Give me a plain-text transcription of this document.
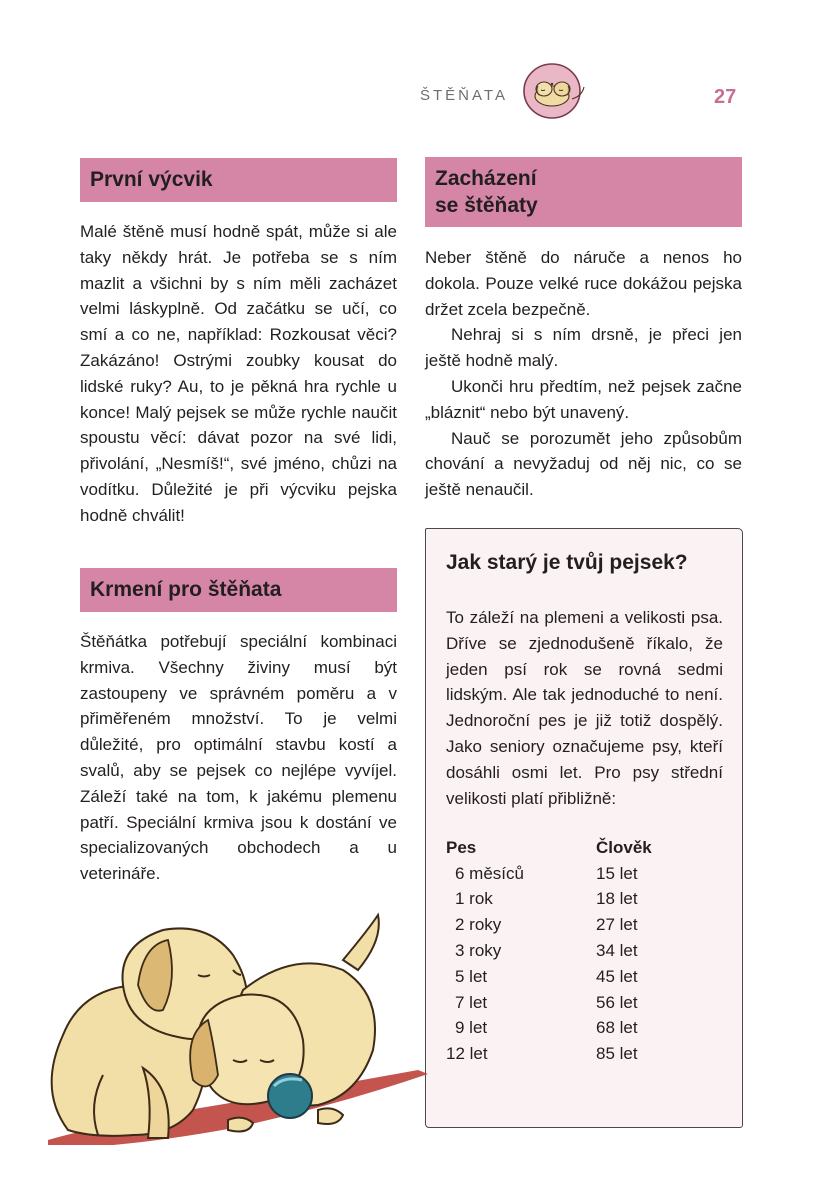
ŠTĚŇATA	27
První výcvik

Malé štěně musí hodně spát, může si ale taky někdy hrát. Je potřeba se s ním mazlit a všichni by s ním měli zacházet velmi láskyplně. Od začátku se učí, co smí a co ne, například: Rozkousat věci? Zakázáno! Ostrými zoubky kousat do lidské ruky? Au, to je pěkná hra rychle u konce! Malý pejsek se může rychle naučit spoustu věcí: dávat pozor na své lidi, přivolání, „Nesmíš!“, své jméno, chůzi na vodítku. Důležité je při výcviku pejska hodně chválit!

Krmení pro štěňata

Štěňátka potřebují speciální kombinaci krmiva. Všechny živiny musí být zastoupeny ve správném poměru a v přiměřeném množství. To je velmi důležité, pro optimální stavbu kostí a svalů, aby se pejsek co nejlépe vyvíjel. Záleží také na tom, k jakému plemenu patří. Speciální krmiva jsou k dostání ve specializovaných obchodech a u veterináře.

Zacházení
se štěňaty

Neber štěně do náruče a nenos ho dokola. Pouze velké ruce dokážou pejska držet zcela bezpečně.

Nehraj si s ním drsně, je přeci jen ještě hodně malý.

Ukonči hru předtím, než pejsek začne „bláznit“ nebo být unavený.

Nauč se porozumět jeho způsobům chování a nevyžaduj od něj nic, co se ještě nenaučil.

Jak starý je tvůj pejsek?

To záleží na plemeni a velikosti psa. Dříve se zjednodušeně říkalo, že jeden psí rok se rovná sedmi lidským. Ale tak jednoduché to není. Jednoroční pes je již totiž dospělý. Jako seniory označujeme psy, kteří dosáhli osmi let. Pro psy střední velikosti platí přibližně:

Pes	Člověk
6 měsíců	15 let
1 rok	18 let
2 roky	27 let
3 roky	34 let
5 let	45 let
7 let	56 let
9 let	68 let
12 let	85 let
